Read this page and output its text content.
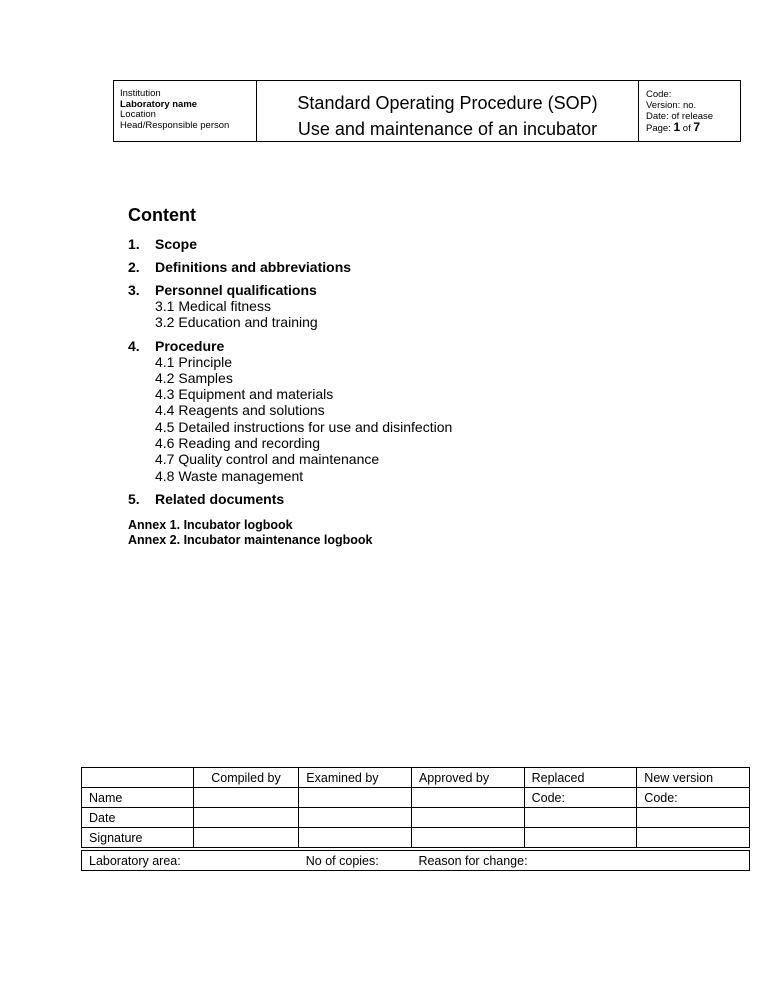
Institution
Laboratory name
Location
Head/Responsible person
Standard Operating Procedure (SOP)
Use and maintenance of an incubator
Code:
Version: no.
Date: of release
Page: 1 of 7
Content
1.	Scope
2.	Definitions and abbreviations
3.	Personnel qualifications
3.1 Medical fitness
3.2 Education and training
4.	Procedure
4.1 Principle
4.2 Samples
4.3 Equipment and materials
4.4 Reagents and solutions
4.5 Detailed instructions for use and disinfection
4.6 Reading and recording
4.7 Quality control and maintenance
4.8 Waste management
5.	Related documents
Annex 1. Incubator logbook
Annex 2. Incubator maintenance logbook
	Compiled by	Examined by	Approved by	Replaced	New version
Name				Code:	Code:
Date					
Signature					
Laboratory area:		No of copies:	Reason for change:		
